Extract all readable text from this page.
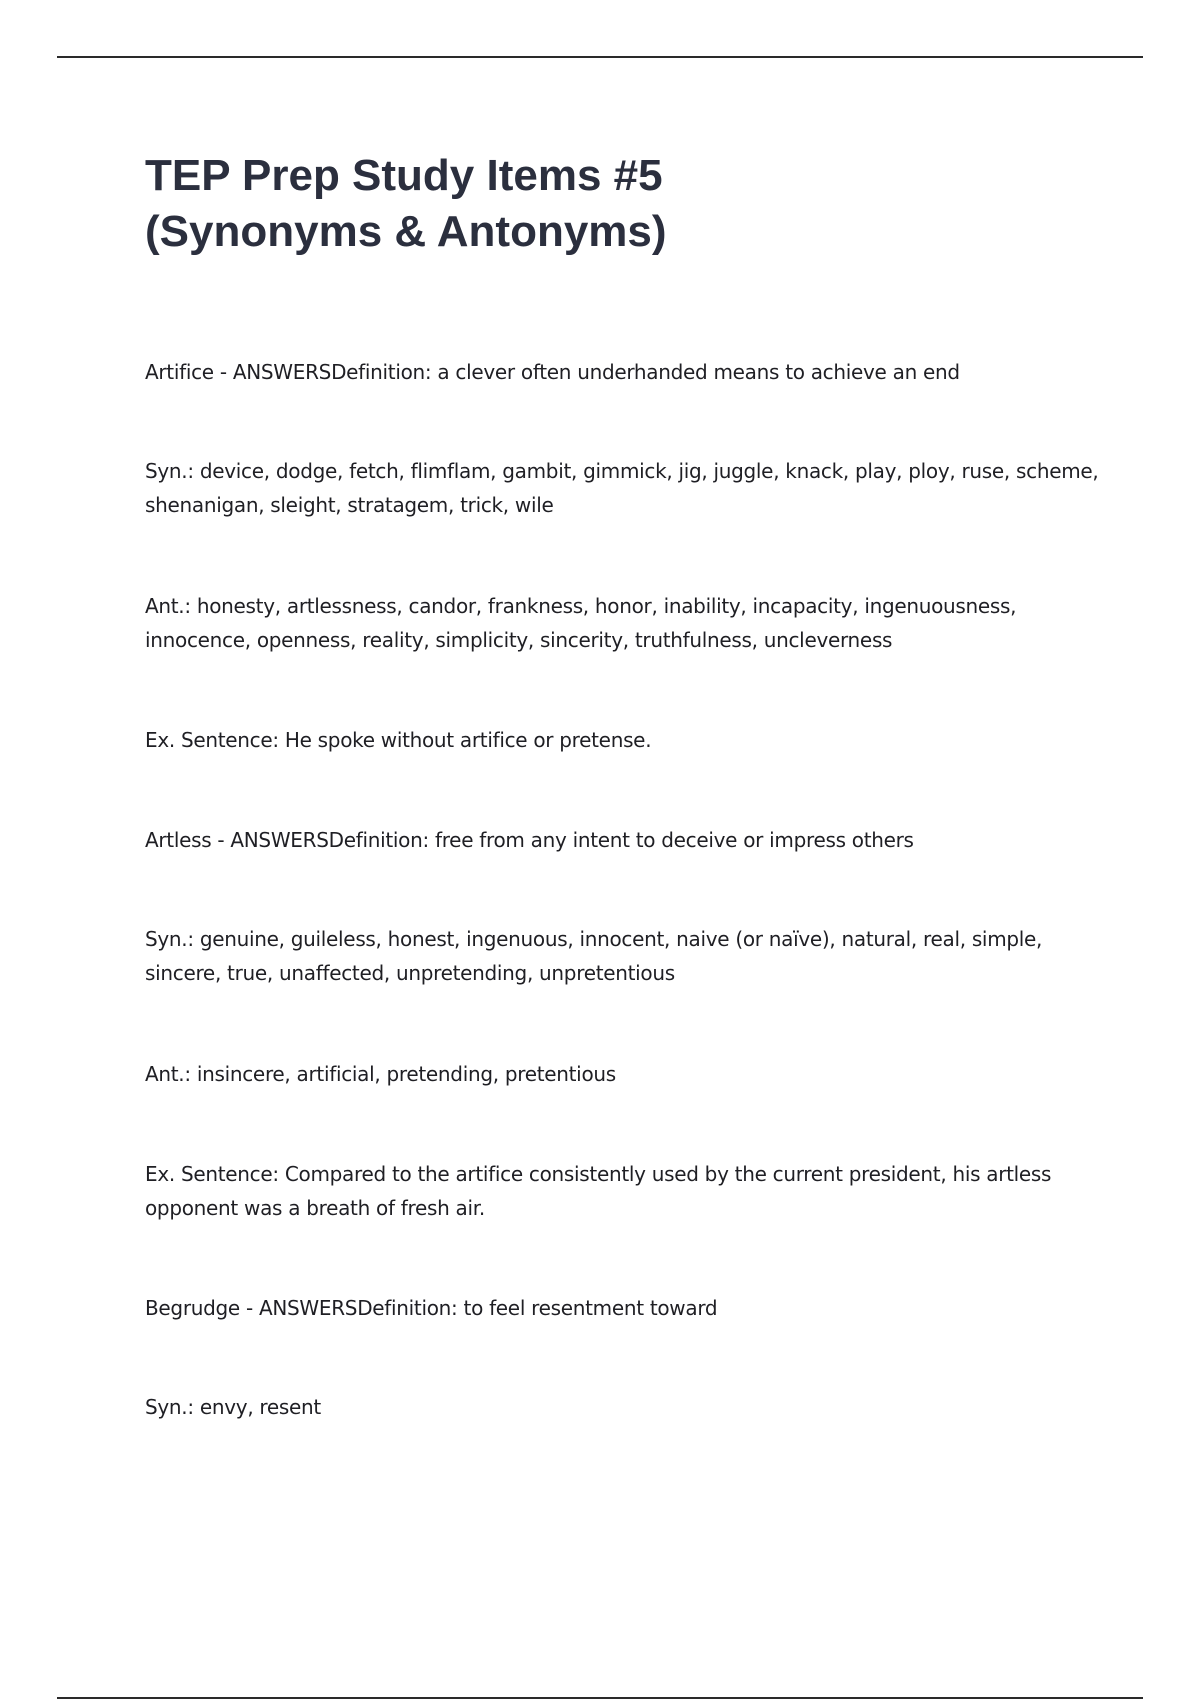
TEP Prep Study Items #5
(Synonyms & Antonyms)

Artifice - ANSWERSDefinition: a clever often underhanded means to achieve an end

Syn.: device, dodge, fetch, flimflam, gambit, gimmick, jig, juggle, knack, play, ploy, ruse, scheme, shenanigan, sleight, stratagem, trick, wile

Ant.: honesty, artlessness, candor, frankness, honor, inability, incapacity, ingenuousness, innocence, openness, reality, simplicity, sincerity, truthfulness, uncleverness

Ex. Sentence: He spoke without artifice or pretense.

Artless - ANSWERSDefinition: free from any intent to deceive or impress others

Syn.: genuine, guileless, honest, ingenuous, innocent, naive (or naïve), natural, real, simple, sincere, true, unaffected, unpretending, unpretentious

Ant.: insincere, artificial, pretending, pretentious

Ex. Sentence: Compared to the artifice consistently used by the current president, his artless opponent was a breath of fresh air.

Begrudge - ANSWERSDefinition: to feel resentment toward

Syn.: envy, resent
